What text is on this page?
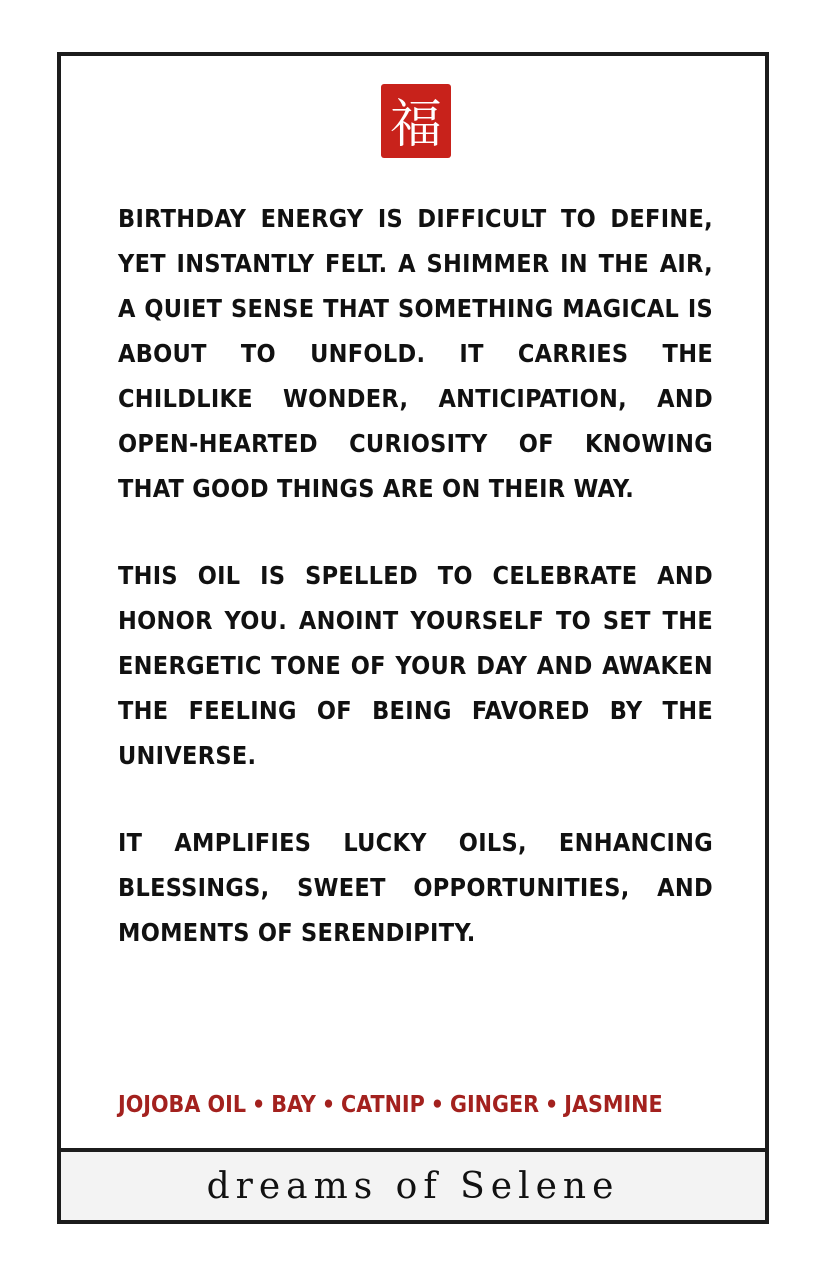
福

BIRTHDAY ENERGY IS DIFFICULT TO DEFINE, YET INSTANTLY FELT. A SHIMMER IN THE AIR, A QUIET SENSE THAT SOMETHING MAGICAL IS ABOUT TO UNFOLD. IT CARRIES THE CHILDLIKE WONDER, ANTICIPATION, AND OPEN-HEARTED CURIOSITY OF KNOWING THAT GOOD THINGS ARE ON THEIR WAY.

THIS OIL IS SPELLED TO CELEBRATE AND HONOR YOU. ANOINT YOURSELF TO SET THE ENERGETIC TONE OF YOUR DAY AND AWAKEN THE FEELING OF BEING FAVORED BY THE UNIVERSE.

IT AMPLIFIES LUCKY OILS, ENHANCING BLESSINGS, SWEET OPPORTUNITIES, AND MOMENTS OF SERENDIPITY.

JOJOBA OIL • BAY • CATNIP • GINGER • JASMINE
dreams of Selene
